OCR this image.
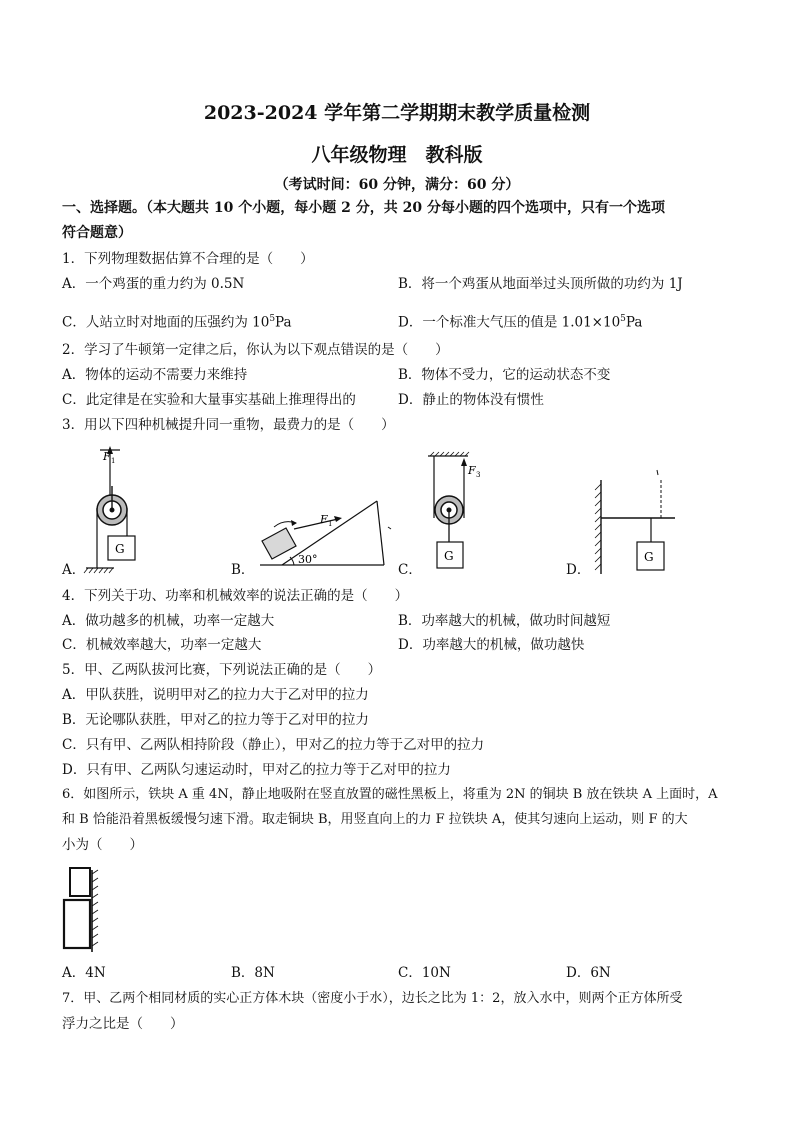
2023-2024 学年第二学期期末教学质量检测
八年级物理　教科版
（考试时间：60 分钟，满分：60 分）
一、选择题。（本大题共 10 个小题，每小题 2 分，共 20 分每小题的四个选项中，只有一个选项
符合题意）
1．下列物理数据估算不合理的是（　　）
A．一个鸡蛋的重力约为 0.5N	B．将一个鸡蛋从地面举过头顶所做的功约为 1J
C．人站立时对地面的压强约为 $10^5Pa$	D．一个标准大气压的值是 $1.01\times 10^5Pa$
2．学习了牛顿第一定律之后，你认为以下观点错误的是（　　）
A．物体的运动不需要力来维持	B．物体不受力，它的运动状态不变
C．此定律是在实验和大量事实基础上推理得出的	D．静止的物体没有惯性
3．用以下四种机械提升同一重物，最费力的是（　　）
F 1
G
A．
F 1
30°
B．
F 3
G
C．
G
D．
4．下列关于功、功率和机械效率的说法正确的是（　　）
A．做功越多的机械，功率一定越大	B．功率越大的机械，做功时间越短
C．机械效率越大，功率一定越大	D．功率越大的机械，做功越快
5．甲、乙两队拔河比赛，下列说法正确的是（　　）
A．甲队获胜，说明甲对乙的拉力大于乙对甲的拉力
B．无论哪队获胜，甲对乙的拉力等于乙对甲的拉力
C．只有甲、乙两队相持阶段（静止），甲对乙的拉力等于乙对甲的拉力
D．只有甲、乙两队匀速运动时，甲对乙的拉力等于乙对甲的拉力
6．如图所示，铁块 A 重 4N，静止地吸附在竖直放置的磁性黑板上，将重为 2N 的铜块 B 放在铁块 A 上面时，A
和 B 恰能沿着黑板缓慢匀速下滑。取走铜块 B，用竖直向上的力 F 拉铁块 A，使其匀速向上运动，则 F 的大
小为（　　）
A．4N	B．8N	C．10N	D．6N
7．甲、乙两个相同材质的实心正方体木块（密度小于水），边长之比为 1：2，放入水中，则两个正方体所受
浮力之比是（　　）
